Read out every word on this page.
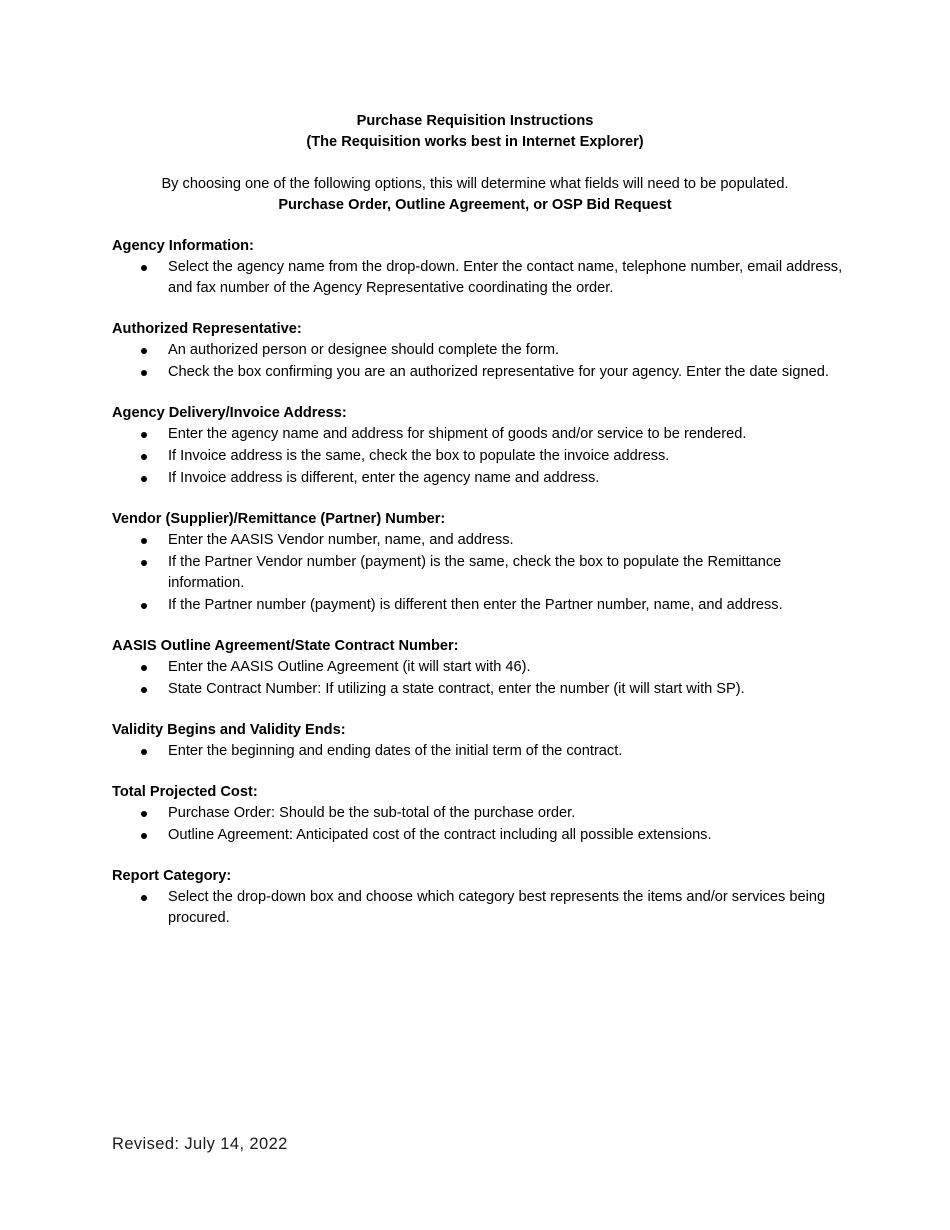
Purchase Requisition Instructions
(The Requisition works best in Internet Explorer)
By choosing one of the following options, this will determine what fields will need to be populated.
Purchase Order, Outline Agreement, or OSP Bid Request
Agency Information:
Select the agency name from the drop-down. Enter the contact name, telephone number, email address, and fax number of the Agency Representative coordinating the order.
Authorized Representative:
An authorized person or designee should complete the form.
Check the box confirming you are an authorized representative for your agency. Enter the date signed.
Agency Delivery/Invoice Address:
Enter the agency name and address for shipment of goods and/or service to be rendered.
If Invoice address is the same, check the box to populate the invoice address.
If Invoice address is different, enter the agency name and address.
Vendor (Supplier)/Remittance (Partner) Number:
Enter the AASIS Vendor number, name, and address.
If the Partner Vendor number (payment) is the same, check the box to populate the Remittance information.
If the Partner number (payment) is different then enter the Partner number, name, and address.
AASIS Outline Agreement/State Contract Number:
Enter the AASIS Outline Agreement (it will start with 46).
State Contract Number: If utilizing a state contract, enter the number (it will start with SP).
Validity Begins and Validity Ends:
Enter the beginning and ending dates of the initial term of the contract.
Total Projected Cost:
Purchase Order: Should be the sub-total of the purchase order.
Outline Agreement: Anticipated cost of the contract including all possible extensions.
Report Category:
Select the drop-down box and choose which category best represents the items and/or services being procured.
Revised: July 14, 2022
